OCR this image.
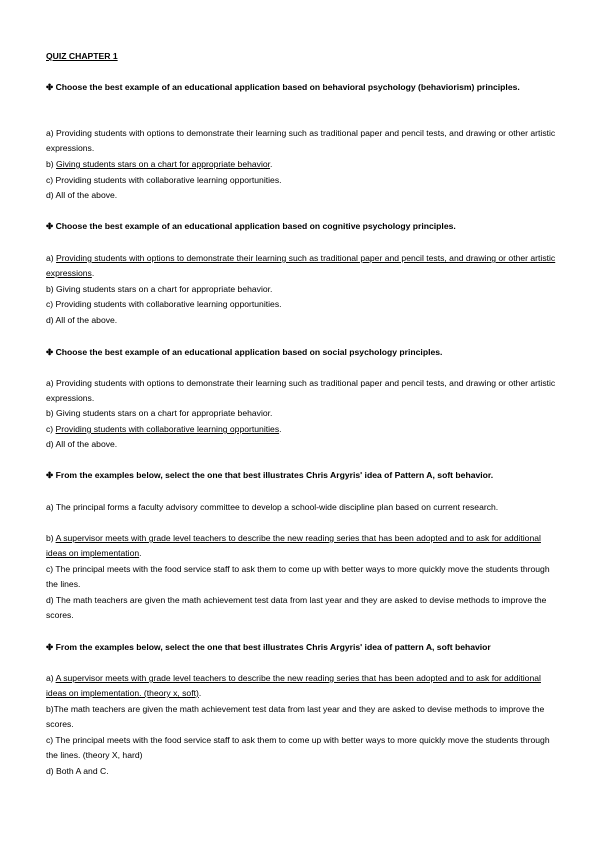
QUIZ CHAPTER 1
✤ Choose the best example of an educational application based on behavioral psychology (behaviorism) principles.
a) Providing students with options to demonstrate their learning such as traditional paper and pencil tests, and drawing or other artistic expressions.
b) Giving students stars on a chart for appropriate behavior.
c) Providing students with collaborative learning opportunities.
d) All of the above.
✤ Choose the best example of an educational application based on cognitive psychology principles.
a) Providing students with options to demonstrate their learning such as traditional paper and pencil tests, and drawing or other artistic expressions.
b) Giving students stars on a chart for appropriate behavior.
c) Providing students with collaborative learning opportunities.
d) All of the above.
✤ Choose the best example of an educational application based on social psychology principles.
a) Providing students with options to demonstrate their learning such as traditional paper and pencil tests, and drawing or other artistic expressions.
b) Giving students stars on a chart for appropriate behavior.
c) Providing students with collaborative learning opportunities.
d) All of the above.
✤ From the examples below, select the one that best illustrates Chris Argyris' idea of Pattern A, soft behavior.
a) The principal forms a faculty advisory committee to develop a school-wide discipline plan based on current research.
b) A supervisor meets with grade level teachers to describe the new reading series that has been adopted and to ask for additional ideas on implementation.
c) The principal meets with the food service staff to ask them to come up with better ways to more quickly move the students through the lines.
d) The math teachers are given the math achievement test data from last year and they are asked to devise methods to improve the scores.
✤ From the examples below, select the one that best illustrates Chris Argyris' idea of pattern A, soft behavior
a) A supervisor meets with grade level teachers to describe the new reading series that has been adopted and to ask for additional ideas on implementation. (theory x, soft).
b)The math teachers are given the math achievement test data from last year and they are asked to devise methods to improve the scores.
c) The principal meets with the food service staff to ask them to come up with better ways to more quickly move the students through the lines. (theory X, hard)
d) Both A and C.
